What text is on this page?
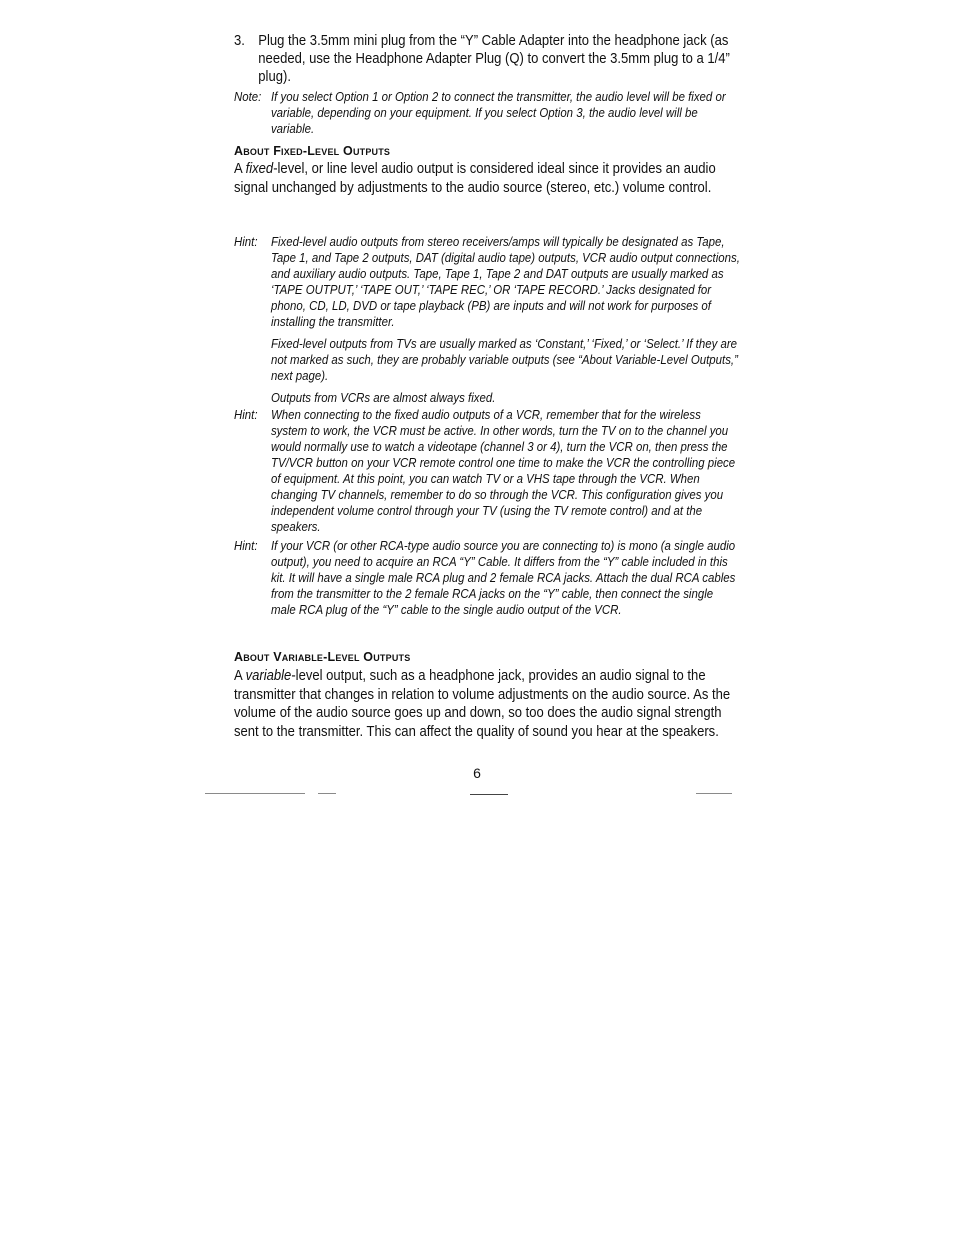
3. Plug the 3.5mm mini plug from the “Y” Cable Adapter into the headphone jack (as needed, use the Headphone Adapter Plug (Q) to convert the 3.5mm plug to a 1/4” plug).
Note: If you select Option 1 or Option 2 to connect the transmitter, the audio level will be fixed or variable, depending on your equipment. If you select Option 3, the audio level will be variable.

About Fixed-Level Outputs
A fixed-level, or line level audio output is considered ideal since it provides an audio signal unchanged by adjustments to the audio source (stereo, etc.) volume control.
Hint: Fixed-level audio outputs from stereo receivers/amps will typically be designated as Tape, Tape 1, and Tape 2 outputs, DAT (digital audio tape) outputs, VCR audio output connections, and auxiliary audio outputs. Tape, Tape 1, Tape 2 and DAT outputs are usually marked as ‘TAPE OUTPUT,’ ‘TAPE OUT,’ ‘TAPE REC,’ OR ‘TAPE RECORD.’ Jacks designated for phono, CD, LD, DVD or tape playback (PB) are inputs and will not work for purposes of installing the transmitter.

Fixed-level outputs from TVs are usually marked as ‘Constant,’ ‘Fixed,’ or ‘Select.’ If they are not marked as such, they are probably variable outputs (see “About Variable-Level Outputs,” next page).

Outputs from VCRs are almost always fixed.

Hint: When connecting to the fixed audio outputs of a VCR, remember that for the wireless system to work, the VCR must be active. In other words, turn the TV on to the channel you would normally use to watch a videotape (channel 3 or 4), turn the VCR on, then press the TV/VCR button on your VCR remote control one time to make the VCR the controlling piece of equipment. At this point, you can watch TV or a VHS tape through the VCR. When changing TV channels, remember to do so through the VCR. This configuration gives you independent volume control through your TV (using the TV remote control) and at the speakers.

Hint: If your VCR (or other RCA-type audio source you are connecting to) is mono (a single audio output), you need to acquire an RCA “Y” Cable. It differs from the “Y” cable included in this kit. It will have a single male RCA plug and 2 female RCA jacks. Attach the dual RCA cables from the transmitter to the 2 female RCA jacks on the “Y” cable, then connect the single male RCA plug of the “Y” cable to the single audio output of the VCR.

About Variable-Level Outputs
A variable-level output, such as a headphone jack, provides an audio signal to the transmitter that changes in relation to volume adjustments on the audio source. As the volume of the audio source goes up and down, so too does the audio signal strength sent to the transmitter. This can affect the quality of sound you hear at the speakers.
6
